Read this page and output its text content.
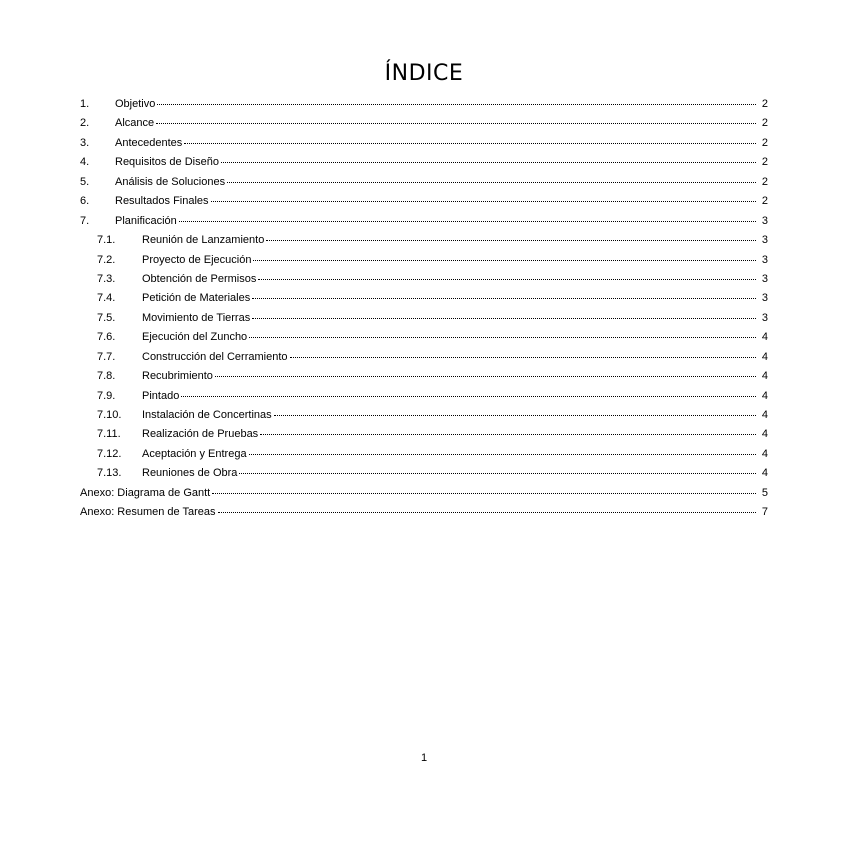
ÍNDICE
1.	Objetivo	2
2.	Alcance	2
3.	Antecedentes	2
4.	Requisitos de Diseño	2
5.	Análisis de Soluciones	2
6.	Resultados Finales	2
7.	Planificación	3
7.1.	Reunión de Lanzamiento	3
7.2.	Proyecto de Ejecución	3
7.3.	Obtención de Permisos	3
7.4.	Petición de Materiales	3
7.5.	Movimiento de Tierras	3
7.6.	Ejecución del Zuncho	4
7.7.	Construcción del Cerramiento	4
7.8.	Recubrimiento	4
7.9.	Pintado	4
7.10.	Instalación de Concertinas	4
7.11.	Realización de Pruebas	4
7.12.	Aceptación y Entrega	4
7.13.	Reuniones de Obra	4
Anexo: Diagrama de Gantt	5
Anexo: Resumen de Tareas	7
1
